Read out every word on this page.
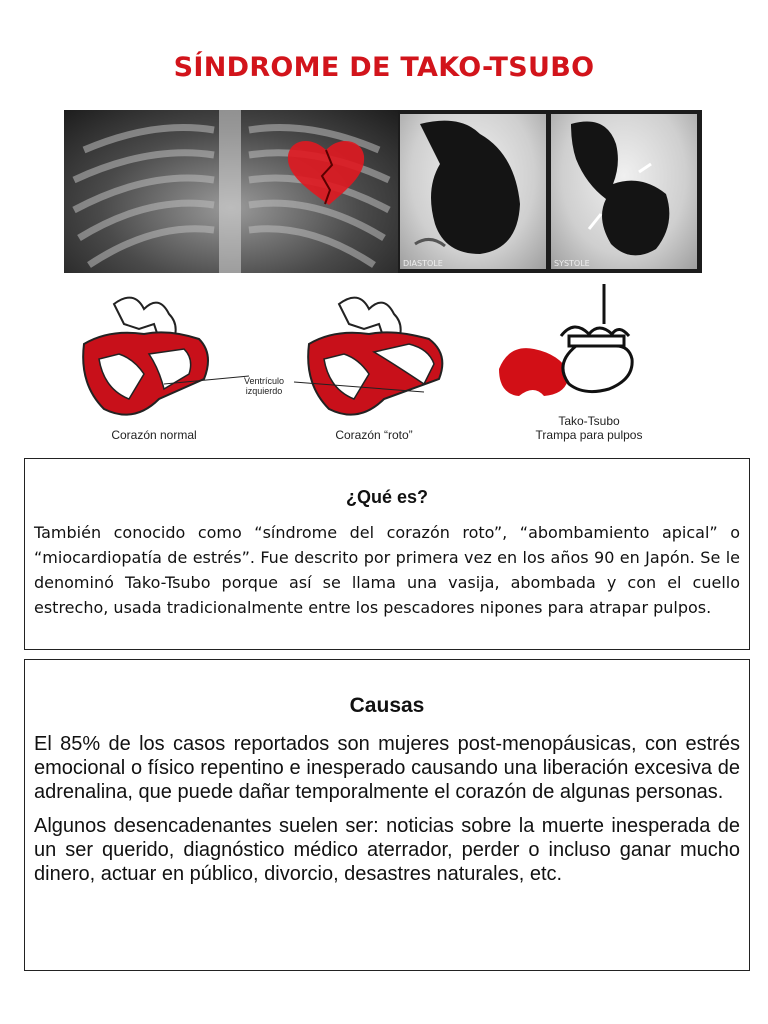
SÍNDROME DE TAKO-TSUBO
DIASTOLE	SYSTOLE
Ventrículo
izquierdo
Corazón normal	Corazón “roto”
Tako-Tsubo
Trampa para pulpos
¿Qué es?
También conocido como “síndrome del corazón roto”, “abombamiento apical” o “miocardiopatía de estrés”. Fue descrito por primera vez en los años 90 en Japón. Se le denominó Tako-Tsubo porque así se llama una vasija, abombada y con el cuello estrecho, usada tradicionalmente entre los pescadores nipones para atrapar pulpos.
Causas
El 85% de los casos reportados son mujeres post-menopáusicas, con estrés emocional o físico repentino e inesperado causando una liberación excesiva de adrenalina, que puede dañar temporalmente el corazón de algunas personas.
Algunos desencadenantes suelen ser: noticias sobre la muerte inesperada de un ser querido, diagnóstico médico aterrador, perder o incluso ganar mucho dinero, actuar en público, divorcio, desastres naturales, etc.
